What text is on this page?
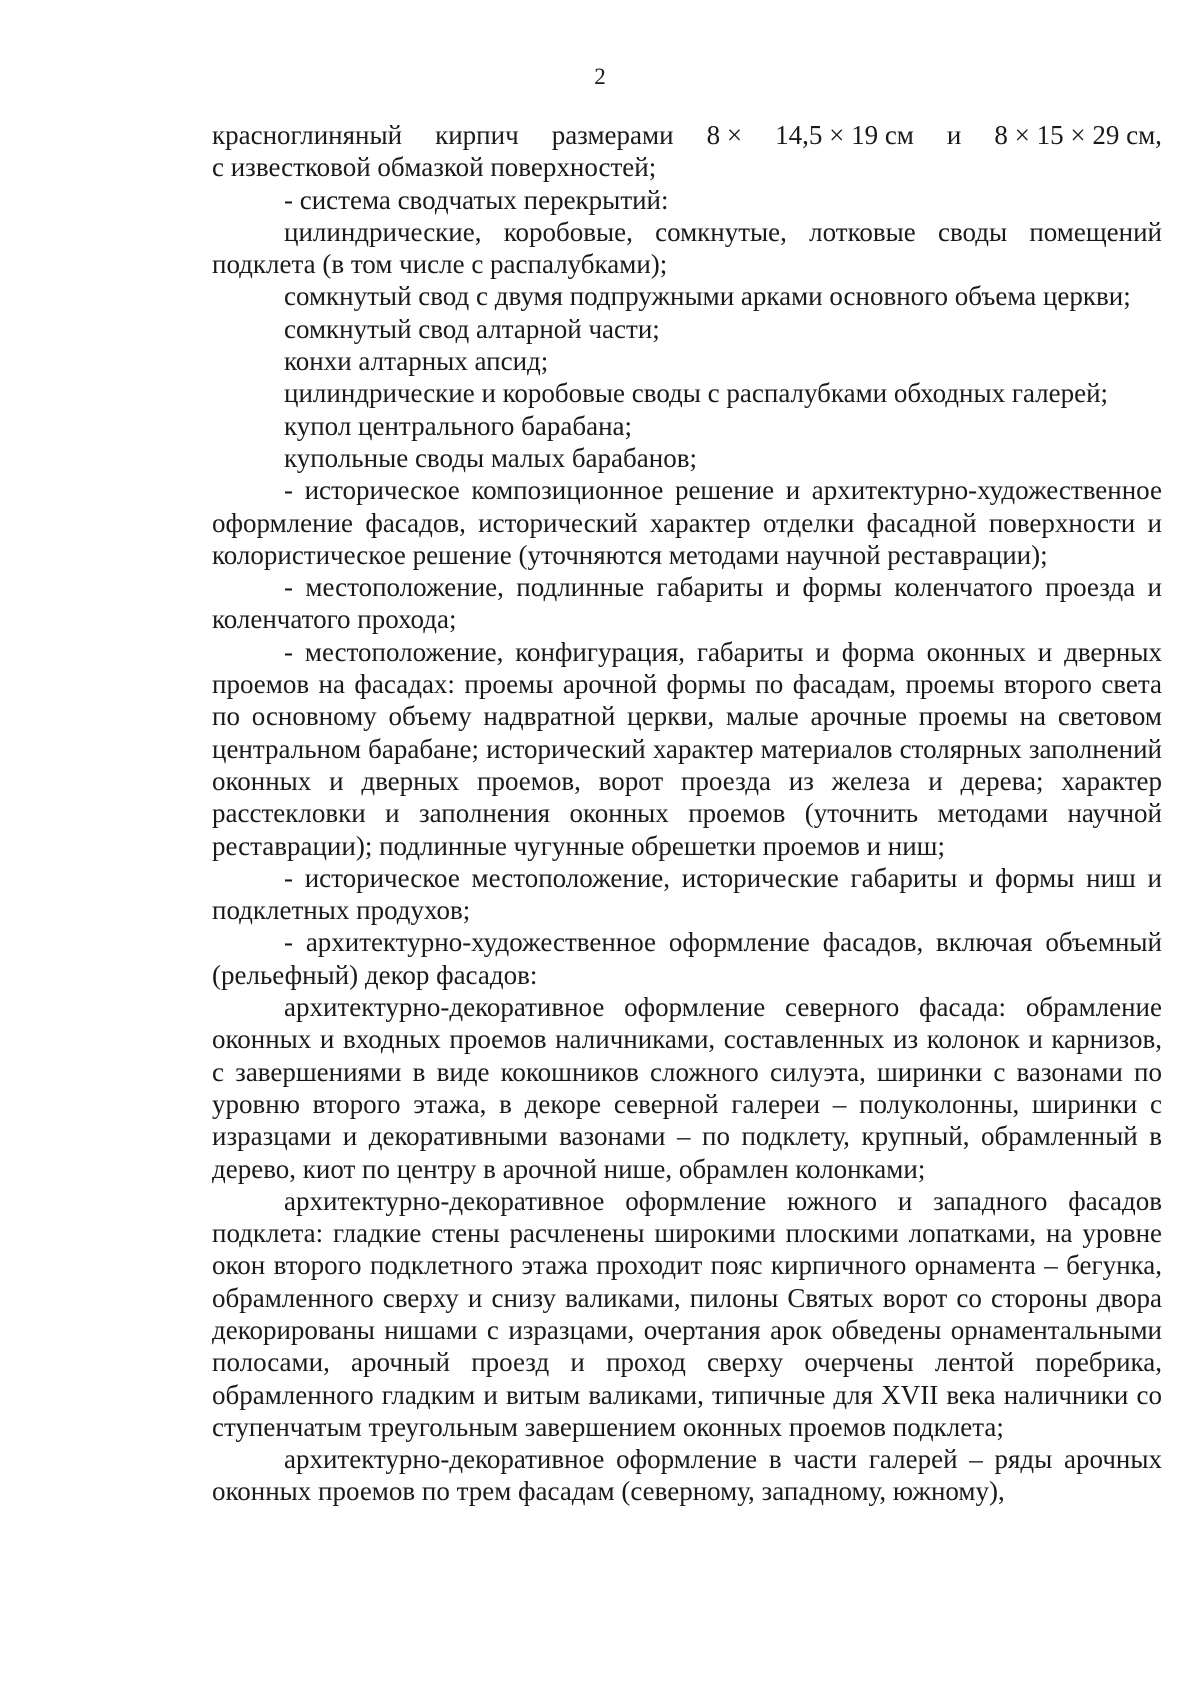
2
красноглиняный кирпич размерами 8 × 14,5 × 19 см и 8 × 15 × 29 см,

с известковой обмазкой поверхностей;

- система сводчатых перекрытий:

цилиндрические, коробовые, сомкнутые, лотковые своды помещений подклета (в том числе с распалубками);

сомкнутый свод с двумя подпружными арками основного объема церкви;

сомкнутый свод алтарной части;

конхи алтарных апсид;

цилиндрические и коробовые своды с распалубками обходных галерей;

купол центрального барабана;

купольные своды малых барабанов;

- историческое композиционное решение и архитектурно-художественное оформление фасадов, исторический характер отделки фасадной поверхности и колористическое решение (уточняются методами научной реставрации);

- местоположение, подлинные габариты и формы коленчатого проезда и коленчатого прохода;

- местоположение, конфигурация, габариты и форма оконных и дверных проемов на фасадах: проемы арочной формы по фасадам, проемы второго света по основному объему надвратной церкви, малые арочные проемы на световом центральном барабане; исторический характер материалов столярных заполнений оконных и дверных проемов, ворот проезда из железа и дерева; характер расстекловки и заполнения оконных проемов (уточнить методами научной реставрации); подлинные чугунные обрешетки проемов и ниш;

- историческое местоположение, исторические габариты и формы ниш и подклетных продухов;

- архитектурно-художественное оформление фасадов, включая объемный (рельефный) декор фасадов:

архитектурно-декоративное оформление северного фасада: обрамление оконных и входных проемов наличниками, составленных из колонок и карнизов, с завершениями в виде кокошников сложного силуэта, ширинки с вазонами по уровню второго этажа, в декоре северной галереи – полуколонны, ширинки с изразцами и декоративными вазонами – по подклету, крупный, обрамленный в дерево, киот по центру в арочной нише, обрамлен колонками;

архитектурно-декоративное оформление южного и западного фасадов подклета: гладкие стены расчленены широкими плоскими лопатками, на уровне окон второго подклетного этажа проходит пояс кирпичного орнамента – бегунка, обрамленного сверху и снизу валиками, пилоны Святых ворот со стороны двора декорированы нишами с изразцами, очертания арок обведены орнаментальными полосами, арочный проезд и проход сверху очерчены лентой поребрика, обрамленного гладким и витым валиками, типичные для XVII века наличники со ступенчатым треугольным завершением оконных проемов подклета;

архитектурно-декоративное оформление в части галерей – ряды арочных оконных проемов по трем фасадам (северному, западному, южному),
